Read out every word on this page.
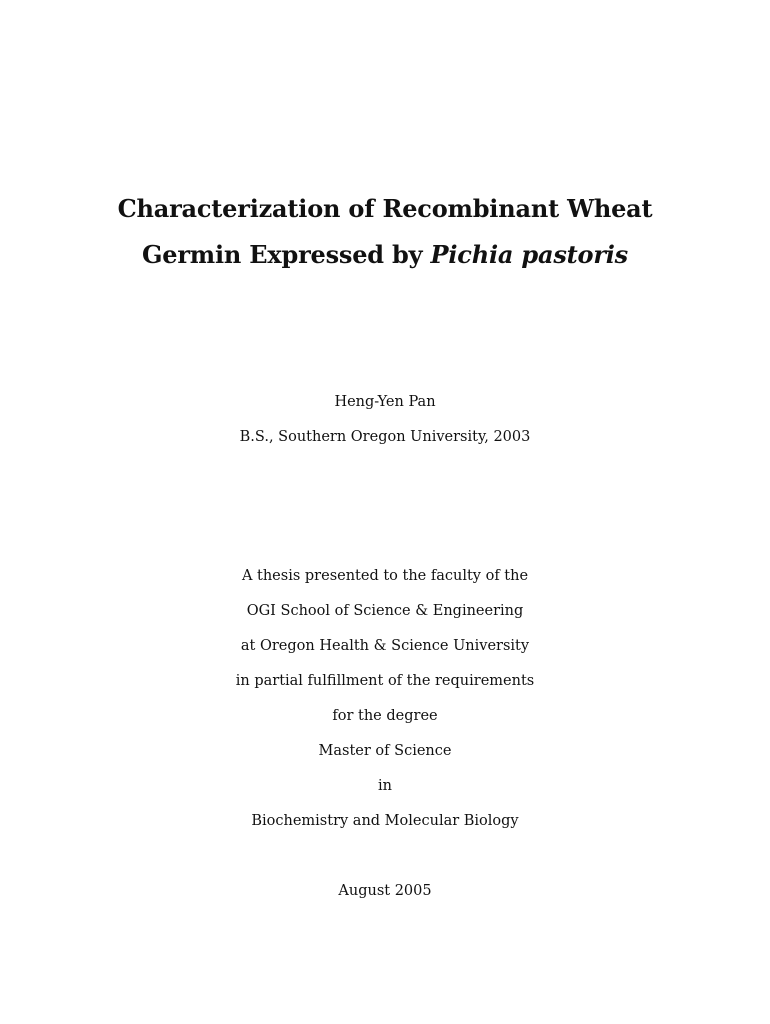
Characterization of Recombinant Wheat
Germin Expressed by Pichia pastoris
Heng-Yen Pan
B.S., Southern Oregon University, 2003
A thesis presented to the faculty of the
OGI School of Science & Engineering
at Oregon Health & Science University
in partial fulfillment of the requirements
for the degree
Master of Science
in
Biochemistry and Molecular Biology
August 2005
